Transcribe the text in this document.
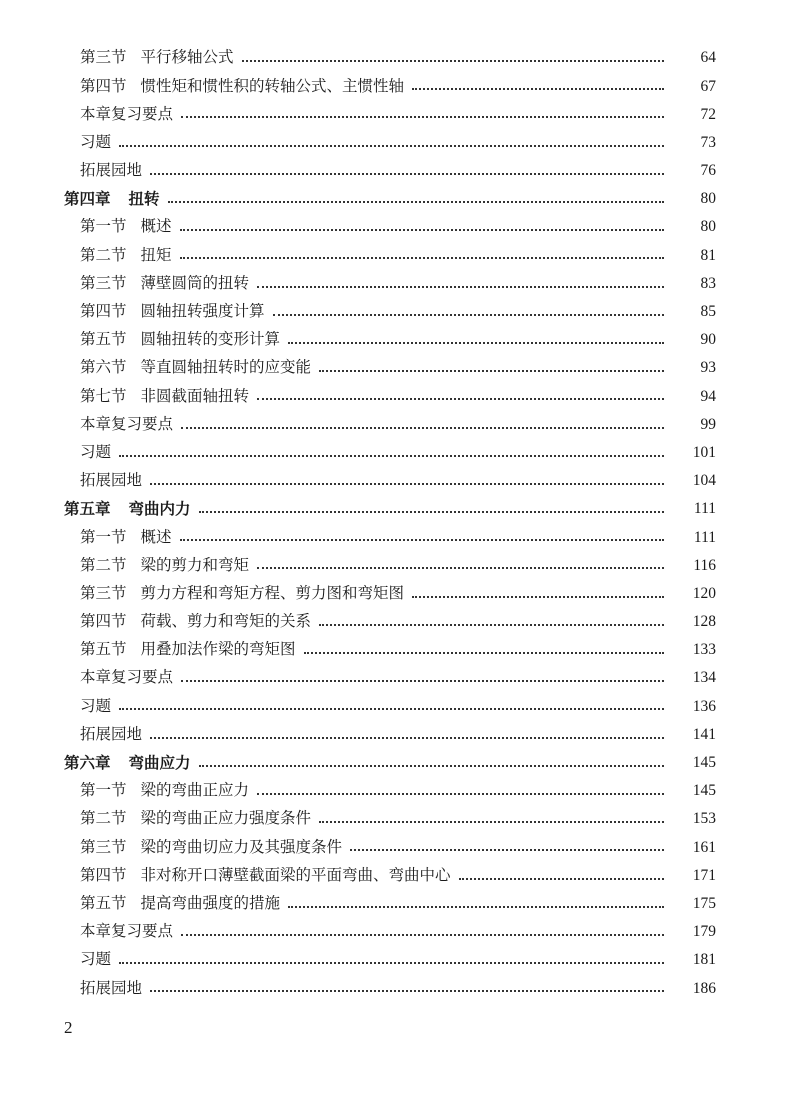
第三节 平行移轴公式	64
第四节 惯性矩和惯性积的转轴公式、主惯性轴	67
本章复习要点	72
习题	73
拓展园地	76
第四章 扭转	80
第一节 概述	80
第二节 扭矩	81
第三节 薄壁圆筒的扭转	83
第四节 圆轴扭转强度计算	85
第五节 圆轴扭转的变形计算	90
第六节 等直圆轴扭转时的应变能	93
第七节 非圆截面轴扭转	94
本章复习要点	99
习题	101
拓展园地	104
第五章 弯曲内力	111
第一节 概述	111
第二节 梁的剪力和弯矩	116
第三节 剪力方程和弯矩方程、剪力图和弯矩图	120
第四节 荷载、剪力和弯矩的关系	128
第五节 用叠加法作梁的弯矩图	133
本章复习要点	134
习题	136
拓展园地	141
第六章 弯曲应力	145
第一节 梁的弯曲正应力	145
第二节 梁的弯曲正应力强度条件	153
第三节 梁的弯曲切应力及其强度条件	161
第四节 非对称开口薄壁截面梁的平面弯曲、弯曲中心	171
第五节 提高弯曲强度的措施	175
本章复习要点	179
习题	181
拓展园地	186
2
